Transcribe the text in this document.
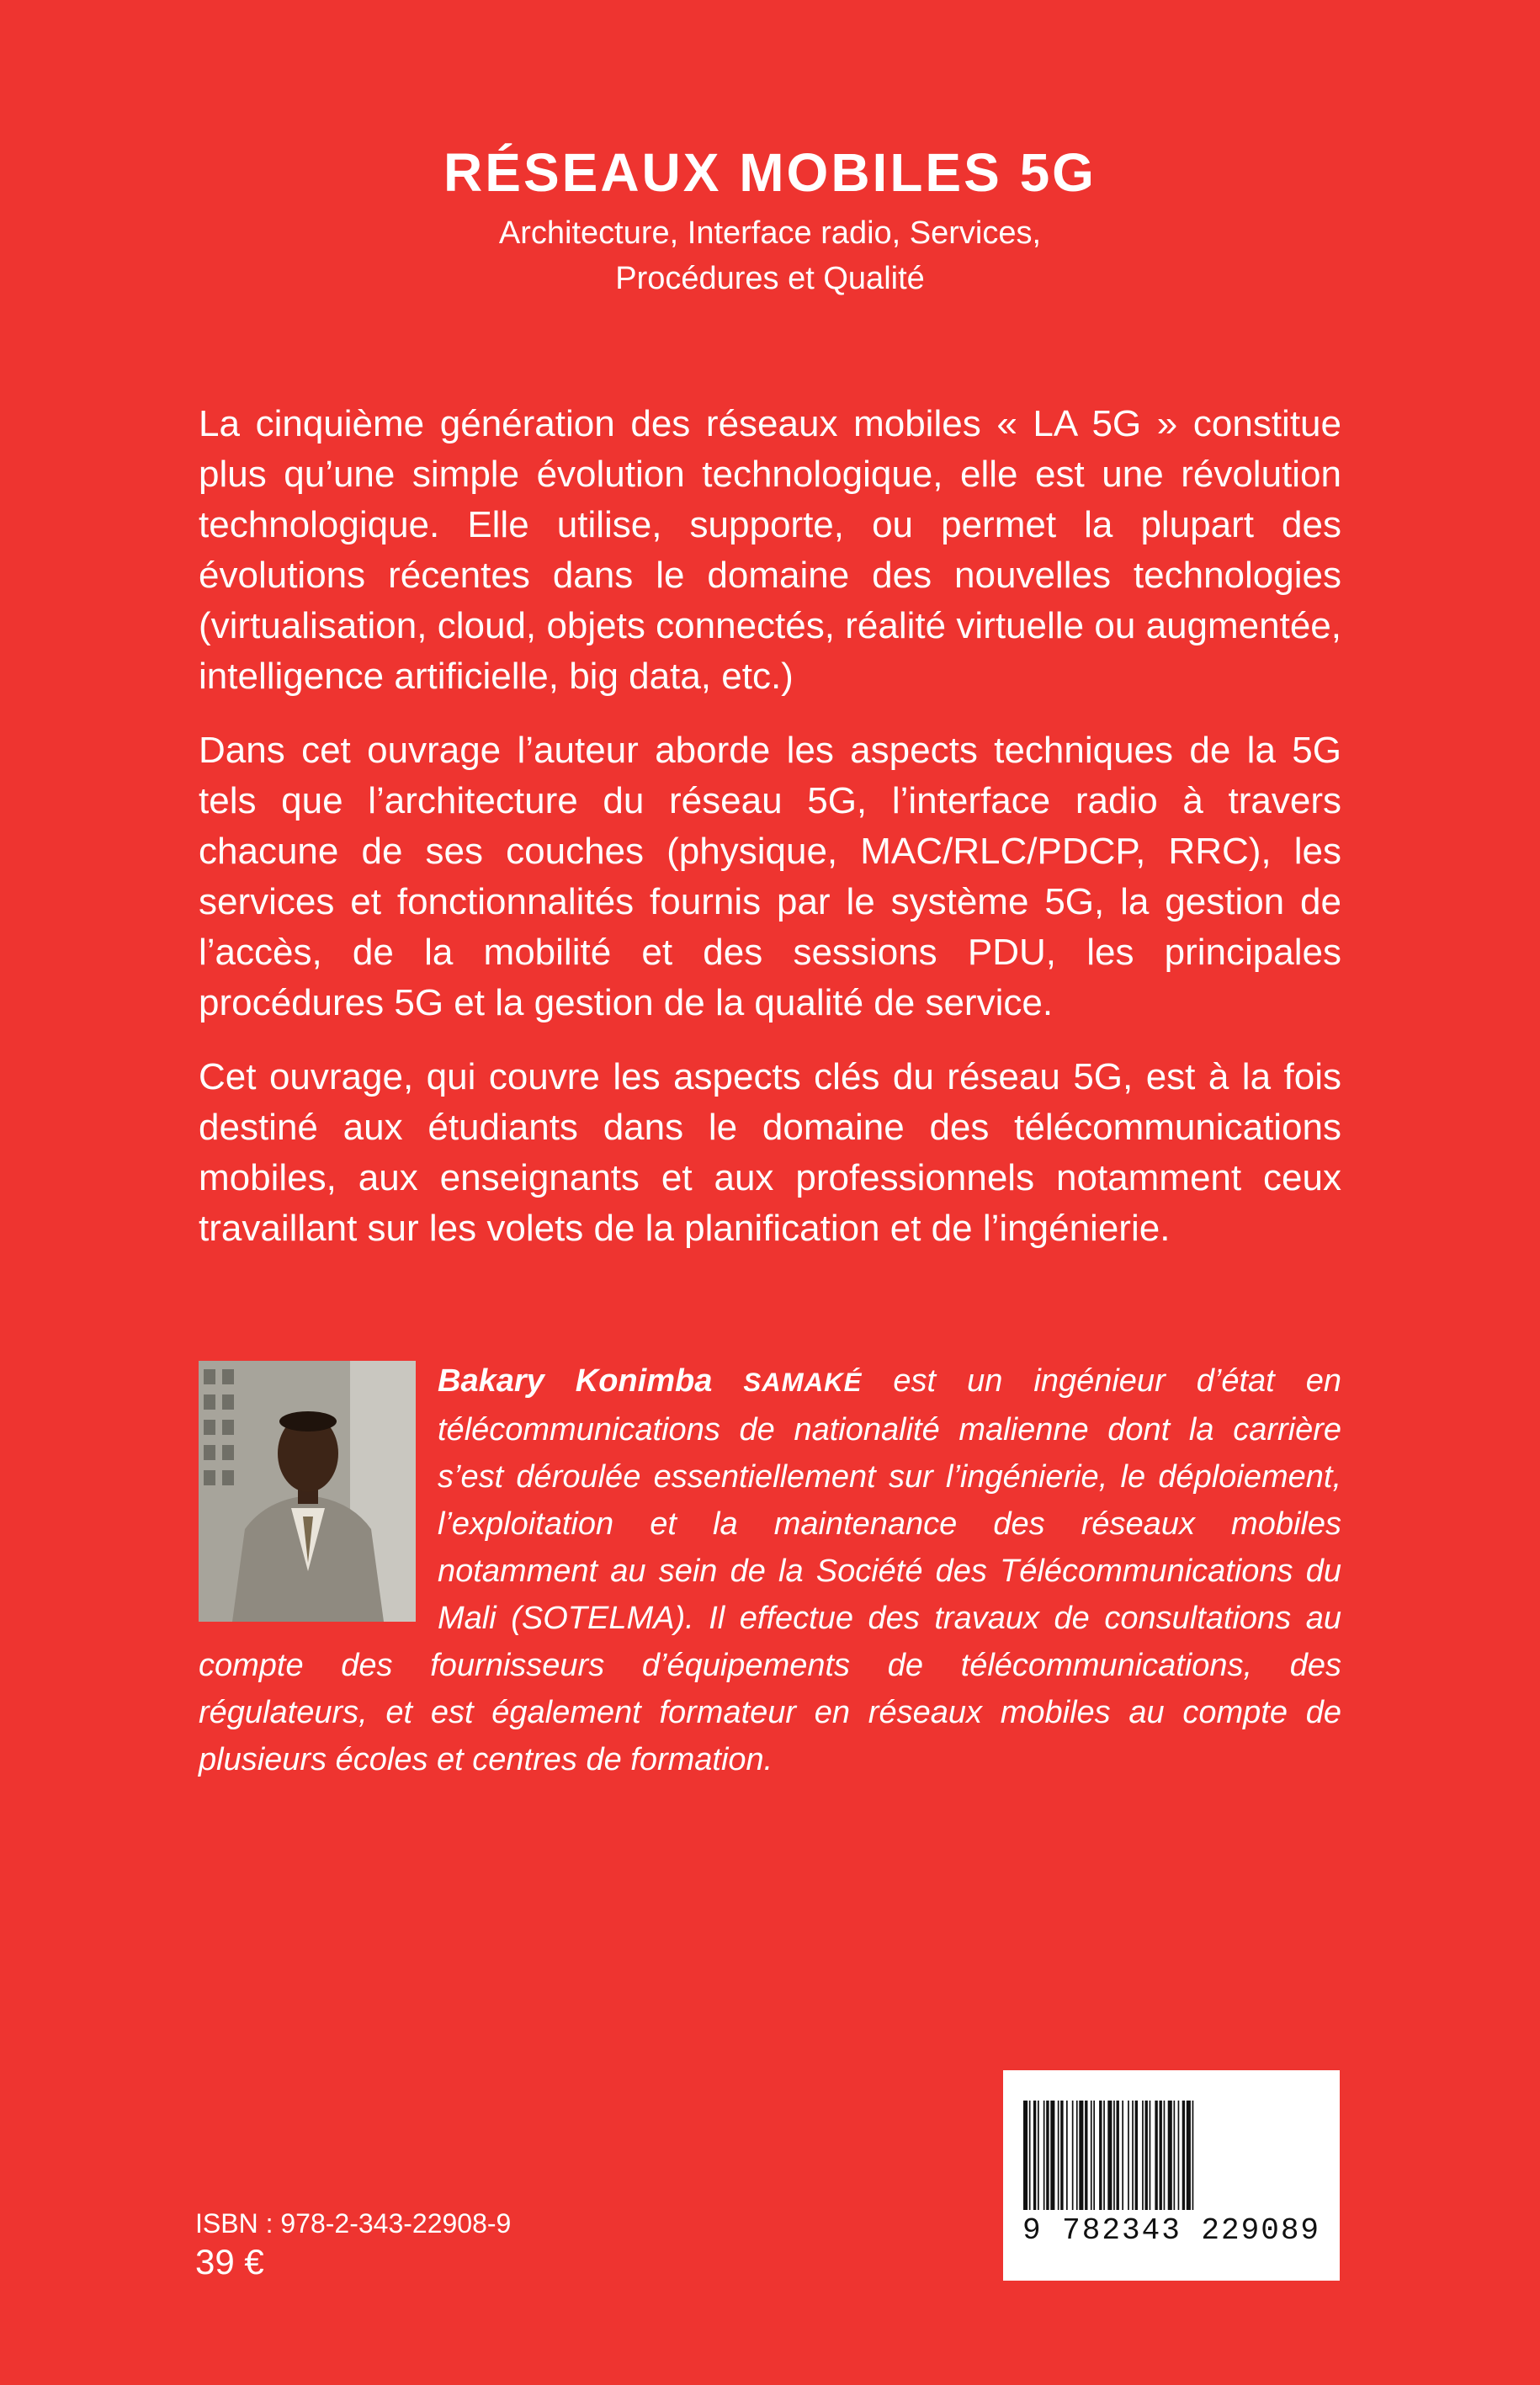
RÉSEAUX MOBILES 5G
Architecture, Interface radio, Services,
Procédures et Qualité

La cinquième génération des réseaux mobiles « LA 5G » constitue plus qu’une simple évolution technologique, elle est une révolution technologique. Elle utilise, supporte, ou permet la plupart des évolutions récentes dans le domaine des nouvelles technologies (virtualisation, cloud, objets connectés, réalité virtuelle ou augmentée, intelligence artificielle, big data, etc.)

Dans cet ouvrage l’auteur aborde les aspects techniques de la 5G tels que l’architecture du réseau 5G, l’interface radio à travers chacune de ses couches (physique, MAC/RLC/PDCP, RRC), les services et fonctionnalités fournis par le système 5G, la gestion de l’accès, de la mobilité et des sessions PDU, les principales procédures 5G et la gestion de la qualité de service.

Cet ouvrage, qui couvre les aspects clés du réseau 5G, est à la fois destiné aux étudiants dans le domaine des télécommunications mobiles, aux enseignants et aux professionnels notamment ceux travaillant sur les volets de la planification et de l’ingénierie.

Bakary Konimba SAMAKÉ est un ingénieur d’état en télécommunications de nationalité malienne dont la carrière s’est déroulée essentiellement sur l’ingénierie, le déploiement, l’exploitation et la maintenance des réseaux mobiles notamment au sein de la Société des Télécommunications du Mali (SOTELMA). Il effectue des travaux de consultations au compte des fournisseurs d’équipements de télécommunications, des régulateurs, et est également formateur en réseaux mobiles au compte de plusieurs écoles et centres de formation.

ISBN : 978-2-343-22908-9

39 €

9 782343 229089
